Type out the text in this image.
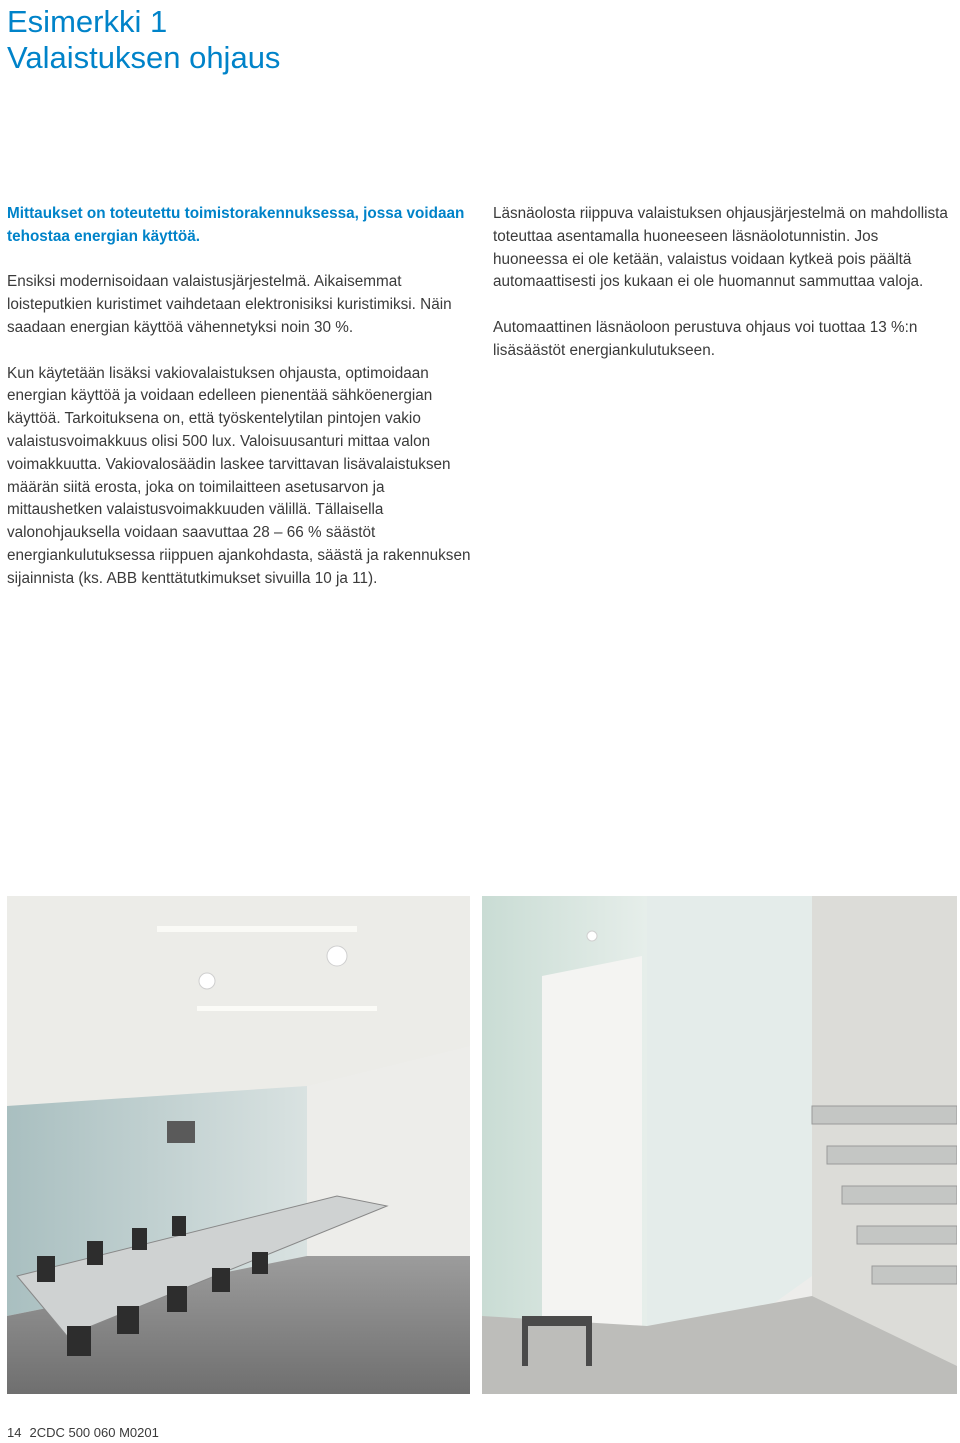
Esimerkki 1
Valaistuksen ohjaus

Mittaukset on toteutettu toimistorakennuksessa, jossa voidaan tehostaa energian käyttöä.

Ensiksi modernisoidaan valaistusjärjestelmä. Aikaisemmat loisteputkien kuristimet vaihdetaan elektronisiksi kuristimiksi. Näin saadaan energian käyttöä vähennetyksi noin 30 %.

Kun käytetään lisäksi vakiovalaistuksen ohjausta, optimoidaan energian käyttöä ja voidaan edelleen pienentää sähköenergian käyttöä. Tarkoituksena on, että työskentelytilan pintojen vakio valaistusvoimakkuus olisi 500 lux. Valoisuusanturi mittaa valon voimakkuutta. Vakiovalosäädin laskee tarvittavan lisävalaistuksen määrän siitä erosta, joka on toimilaitteen asetusarvon ja mittaushetken valaistusvoimakkuuden välillä. Tällaisella valonohjauksella voidaan saavuttaa 28 – 66 % säästöt energiankulutuksessa riippuen ajankohdasta, säästä ja rakennuksen sijainnista (ks. ABB kenttätutkimukset sivuilla 10 ja 11).

Läsnäolosta riippuva valaistuksen ohjausjärjestelmä on mahdollista toteuttaa asentamalla huoneeseen läsnäolotunnistin. Jos huoneessa ei ole ketään, valaistus voidaan kytkeä pois päältä automaattisesti jos kukaan ei ole huomannut sammuttaa valoja.

Automaattinen läsnäoloon perustuva ohjaus voi tuottaa 13 %:n lisäsäästöt energiankulutukseen.

14 2CDC 500 060 M0201
